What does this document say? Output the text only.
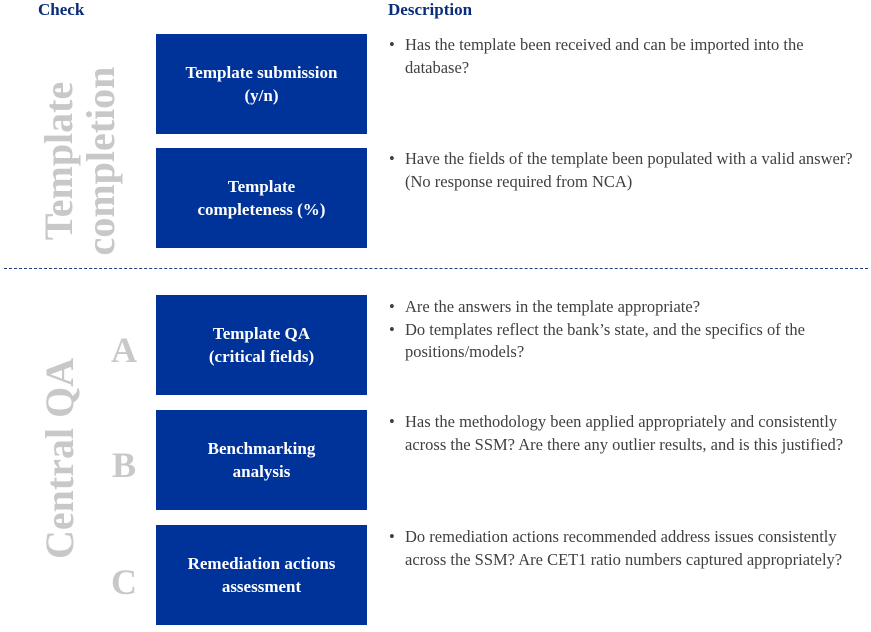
Check	Description
Template
completion
Central QA
A
B
C
Template submission
(y/n)
Template
completeness (%)
Template QA
(critical fields)
Benchmarking
analysis
Remediation actions
assessment
• Has the template been received and can be imported into the database?
• Have the fields of the template been populated with a valid answer? (No response required from NCA)
• Are the answers in the template appropriate?
• Do templates reflect the bank’s state, and the specifics of the positions/models?
• Has the methodology been applied appropriately and consistently across the SSM? Are there any outlier results, and is this justified?
• Do remediation actions recommended address issues consistently across the SSM? Are CET1 ratio numbers captured appropriately?
